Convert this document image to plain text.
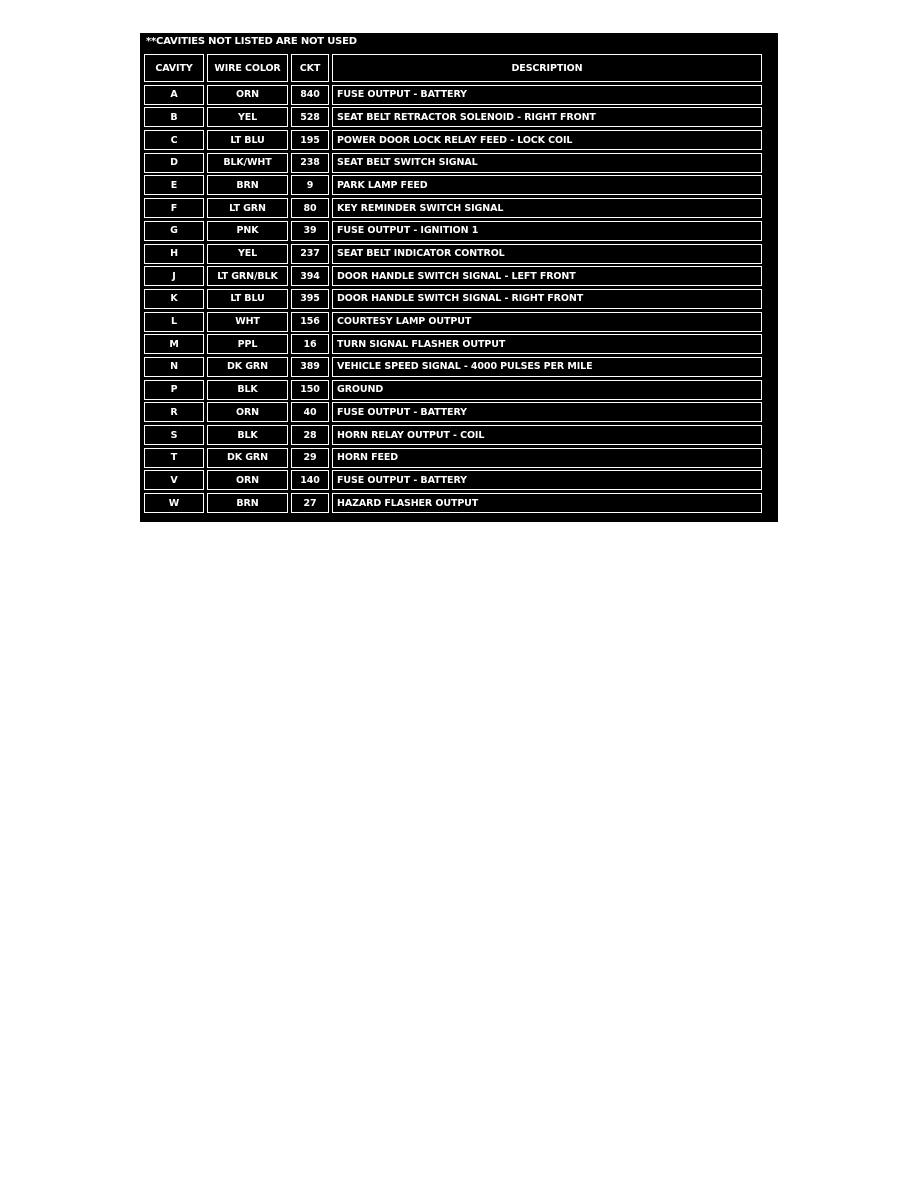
**CAVITIES NOT LISTED ARE NOT USED
CAVITY	WIRE COLOR	CKT	DESCRIPTION
A	ORN	840	FUSE OUTPUT - BATTERY
B	YEL	528	SEAT BELT RETRACTOR SOLENOID - RIGHT FRONT
C	LT BLU	195	POWER DOOR LOCK RELAY FEED - LOCK COIL
D	BLK/WHT	238	SEAT BELT SWITCH SIGNAL
E	BRN	9	PARK LAMP FEED
F	LT GRN	80	KEY REMINDER SWITCH SIGNAL
G	PNK	39	FUSE OUTPUT - IGNITION 1
H	YEL	237	SEAT BELT INDICATOR CONTROL
J	LT GRN/BLK	394	DOOR HANDLE SWITCH SIGNAL - LEFT FRONT
K	LT BLU	395	DOOR HANDLE SWITCH SIGNAL - RIGHT FRONT
L	WHT	156	COURTESY LAMP OUTPUT
M	PPL	16	TURN SIGNAL FLASHER OUTPUT
N	DK GRN	389	VEHICLE SPEED SIGNAL - 4000 PULSES PER MILE
P	BLK	150	GROUND
R	ORN	40	FUSE OUTPUT - BATTERY
S	BLK	28	HORN RELAY OUTPUT - COIL
T	DK GRN	29	HORN FEED
V	ORN	140	FUSE OUTPUT - BATTERY
W	BRN	27	HAZARD FLASHER OUTPUT
